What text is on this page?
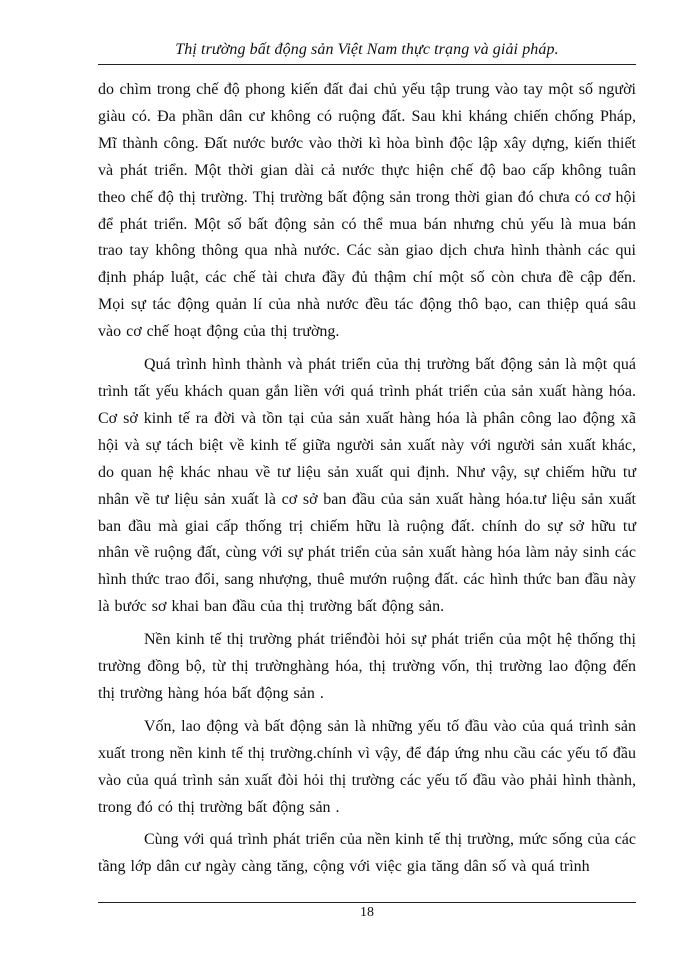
Thị trường bất động sản Việt Nam thực trạng và giải pháp.

do chìm trong chế độ phong kiến đất đai chủ yếu tập trung vào tay một số người giàu có. Đa phần dân cư không có ruộng đất. Sau khi kháng chiến chống Pháp, Mĩ thành công. Đất nước bước vào thời kì hòa bình độc lập xây dựng, kiến thiết và phát triển. Một thời gian dài cả nước thực hiện chế độ bao cấp không tuân theo chế độ thị trường. Thị trường bất động sản trong thời gian đó chưa có cơ hội để phát triển. Một số bất động sản có thể mua bán nhưng chủ yếu là mua bán trao tay không thông qua nhà nước. Các sàn giao dịch chưa hình thành các qui định pháp luật, các chế tài chưa đầy đủ thậm chí một số còn chưa đề cập đến. Mọi sự tác động quản lí của nhà nước đều tác động thô bạo, can thiệp quá sâu vào cơ chế hoạt động của thị trường.

Quá trình hình thành và phát triển của thị trường bất động sản là một quá trình tất yếu khách quan gắn liền với quá trình phát triển của sản xuất hàng hóa. Cơ sở kinh tế ra đời và tồn tại của sản xuất hàng hóa là phân công lao động xã hội và sự tách biệt về kinh tế giữa người sản xuất này với người sản xuất khác, do quan hệ khác nhau về tư liệu sản xuất qui định. Như vậy, sự chiếm hữu tư nhân về tư liệu sản xuất là cơ sở ban đầu của sản xuất hàng hóa.tư liệu sản xuất ban đầu mà giai cấp thống trị chiếm hữu là ruộng đất. chính do sự sở hữu tư nhân về ruộng đất, cùng với sự phát triển của sản xuất hàng hóa làm nảy sinh các hình thức trao đổi, sang nhượng, thuê mướn ruộng đất. các hình thức ban đầu này là bước sơ khai ban đầu của thị trường bất động sản.

Nền kinh tế thị trường phát triểnđòi hỏi sự phát triển của một hệ thống thị trường đồng bộ, từ thị trườnghàng hóa, thị trường vốn, thị trường lao động đến thị trường hàng hóa bất động sản .

Vốn, lao động và bất động sản là những yếu tố đầu vào của quá trình sản xuất trong nền kinh tế thị trường.chính vì vậy, để đáp ứng nhu cầu các yếu tố đầu vào của quá trình sản xuất đòi hỏi thị trường các yếu tố đầu vào phải hình thành, trong đó có thị trường bất động sản .

Cùng với quá trình phát triển của nền kinh tế thị trường, mức sống của các tầng lớp dân cư ngày càng tăng, cộng với việc gia tăng dân số và quá trình

18
